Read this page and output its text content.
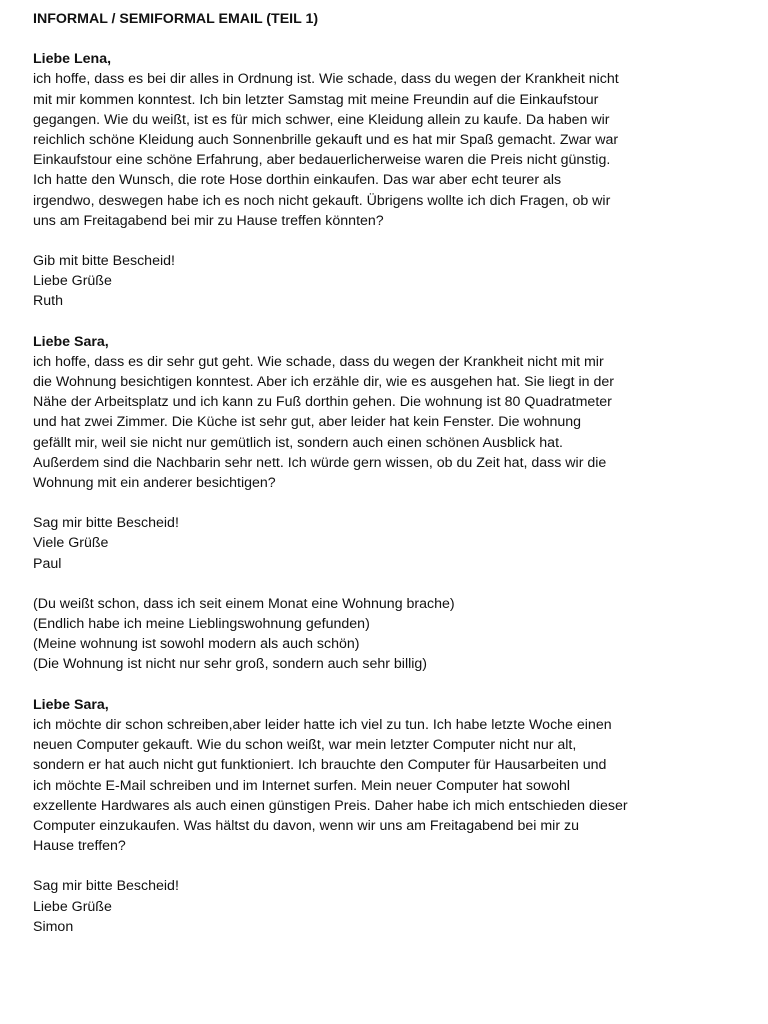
INFORMAL / SEMIFORMAL EMAIL (TEIL 1)
Liebe Lena,
ich hoffe, dass es bei dir alles in Ordnung ist. Wie schade, dass du wegen der Krankheit nicht
mit mir kommen konntest. Ich bin letzter Samstag mit meine Freundin auf die Einkaufstour
gegangen. Wie du weißt, ist es für mich schwer, eine Kleidung allein zu kaufe. Da haben wir
reichlich schöne Kleidung auch Sonnenbrille gekauft und es hat mir Spaß gemacht. Zwar war
Einkaufstour eine schöne Erfahrung, aber bedauerlicherweise waren die Preis nicht günstig.
Ich hatte den Wunsch, die rote Hose dorthin einkaufen. Das war aber echt teurer als
irgendwo, deswegen habe ich es noch nicht gekauft. Übrigens wollte ich dich Fragen, ob wir
uns am Freitagabend bei mir zu Hause treffen könnten?
Gib mit bitte Bescheid!
Liebe Grüße
Ruth
Liebe Sara,
ich hoffe, dass es dir sehr gut geht. Wie schade, dass du wegen der Krankheit nicht mit mir
die Wohnung besichtigen konntest. Aber ich erzähle dir, wie es ausgehen hat. Sie liegt in der
Nähe der Arbeitsplatz und ich kann zu Fuß dorthin gehen. Die wohnung ist 80 Quadratmeter
und hat zwei Zimmer. Die Küche ist sehr gut, aber leider hat kein Fenster. Die wohnung
gefällt mir, weil sie nicht nur gemütlich ist, sondern auch einen schönen Ausblick hat.
Außerdem sind die Nachbarin sehr nett. Ich würde gern wissen, ob du Zeit hat, dass wir die
Wohnung mit ein anderer besichtigen?
Sag mir bitte Bescheid!
Viele Grüße
Paul
(Du weißt schon, dass ich seit einem Monat eine Wohnung brache)
(Endlich habe ich meine Lieblingswohnung gefunden)
(Meine wohnung ist sowohl modern als auch schön)
(Die Wohnung ist nicht nur sehr groß, sondern auch sehr billig)
Liebe Sara,
ich möchte dir schon schreiben,aber leider hatte ich viel zu tun. Ich habe letzte Woche einen
neuen Computer gekauft. Wie du schon weißt, war mein letzter Computer nicht nur alt,
sondern er hat auch nicht gut funktioniert. Ich brauchte den Computer für Hausarbeiten und
ich möchte E-Mail schreiben und im Internet surfen. Mein neuer Computer hat sowohl
exzellente Hardwares als auch einen günstigen Preis. Daher habe ich mich entschieden dieser
Computer einzukaufen. Was hältst du davon, wenn wir uns am Freitagabend bei mir zu
Hause treffen?
Sag mir bitte Bescheid!
Liebe Grüße
Simon
